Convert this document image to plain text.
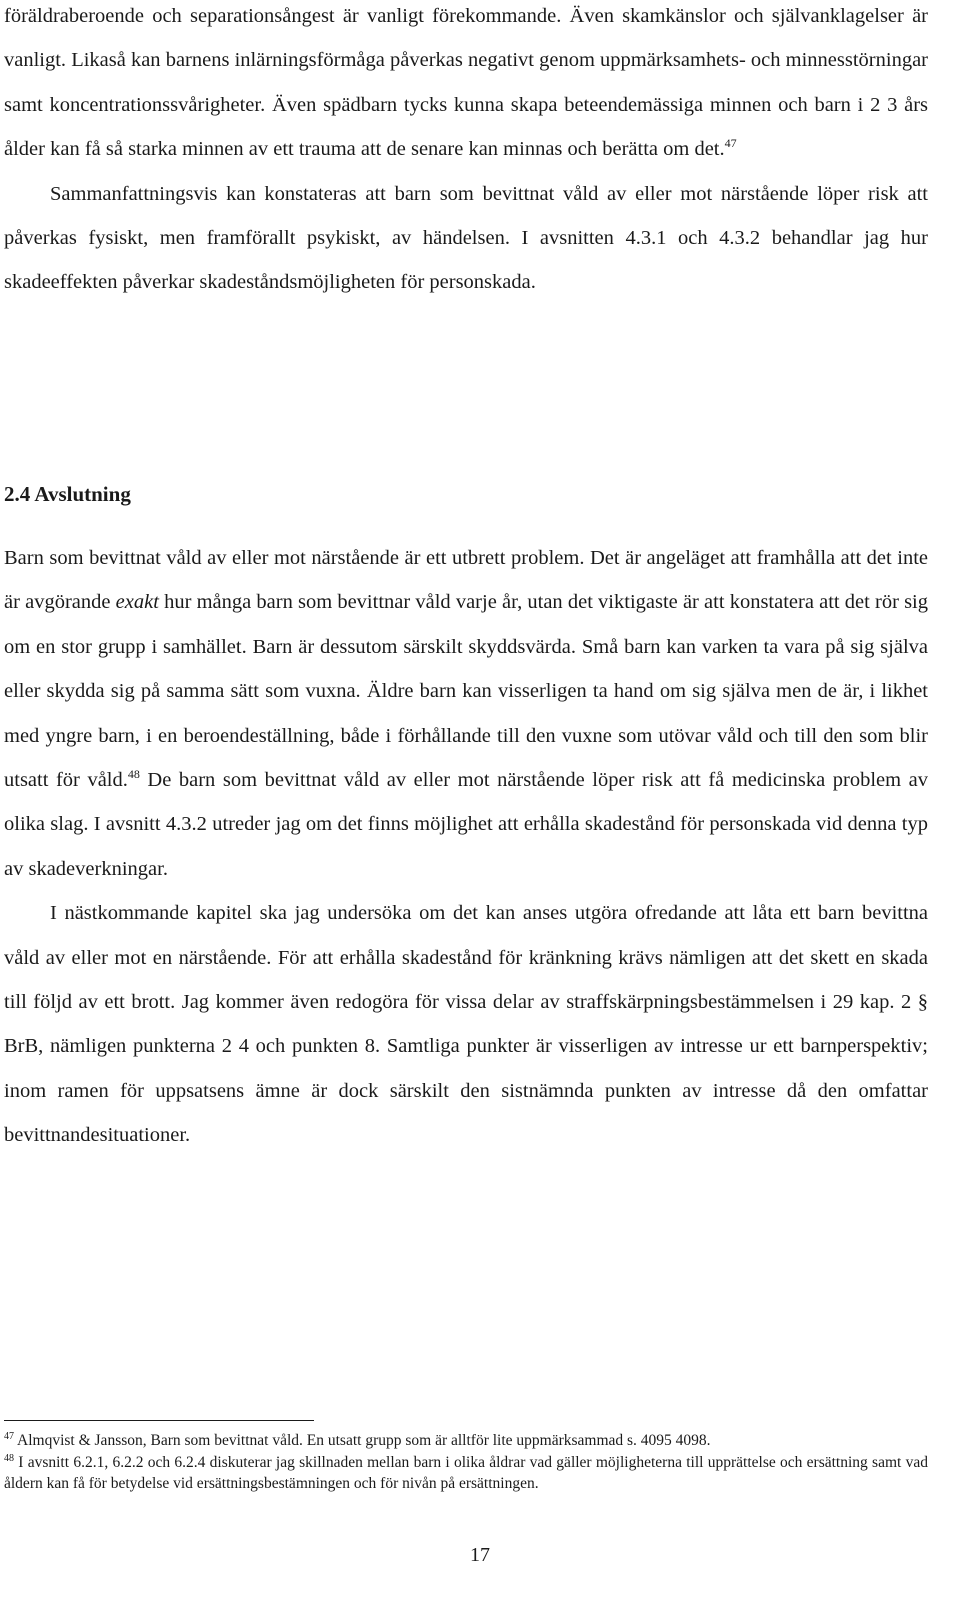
föräldraberoende och separationsångest är vanligt förekommande. Även skamkänslor och självanklagelser är vanligt. Likaså kan barnens inlärningsförmåga påverkas negativt genom uppmärksamhets- och minnesstörningar samt koncentrationssvårigheter. Även spädbarn tycks kunna skapa beteendemässiga minnen och barn i 2 3 års ålder kan få så starka minnen av ett trauma att de senare kan minnas och berätta om det.$^{47}$

Sammanfattningsvis kan konstateras att barn som bevittnat våld av eller mot närstående löper risk att påverkas fysiskt, men framförallt psykiskt, av händelsen. I avsnitten 4.3.1 och 4.3.2 behandlar jag hur skadeeffekten påverkar skadeståndsmöjligheten för personskada.

2.4 Avslutning

Barn som bevittnat våld av eller mot närstående är ett utbrett problem. Det är angeläget att framhålla att det inte är avgörande exakt hur många barn som bevittnar våld varje år, utan det viktigaste är att konstatera att det rör sig om en stor grupp i samhället. Barn är dessutom särskilt skyddsvärda. Små barn kan varken ta vara på sig själva eller skydda sig på samma sätt som vuxna. Äldre barn kan visserligen ta hand om sig själva men de är, i likhet med yngre barn, i en beroendeställning, både i förhållande till den vuxne som utövar våld och till den som blir utsatt för våld.$^{48}$ De barn som bevittnat våld av eller mot närstående löper risk att få medicinska problem av olika slag. I avsnitt 4.3.2 utreder jag om det finns möjlighet att erhålla skadestånd för personskada vid denna typ av skadeverkningar.

I nästkommande kapitel ska jag undersöka om det kan anses utgöra ofredande att låta ett barn bevittna våld av eller mot en närstående. För att erhålla skadestånd för kränkning krävs nämligen att det skett en skada till följd av ett brott. Jag kommer även redogöra för vissa delar av straffskärpningsbestämmelsen i 29 kap. 2 § BrB, nämligen punkterna 2 4 och punkten 8. Samtliga punkter är visserligen av intresse ur ett barnperspektiv; inom ramen för uppsatsens ämne är dock särskilt den sistnämnda punkten av intresse då den omfattar bevittnandesituationer.

$^{47}$ Almqvist & Jansson, Barn som bevittnat våld. En utsatt grupp som är alltför lite uppmärksammad s. 4095 4098.

$^{48}$ I avsnitt 6.2.1, 6.2.2 och 6.2.4 diskuterar jag skillnaden mellan barn i olika åldrar vad gäller möjligheterna till upprättelse och ersättning samt vad åldern kan få för betydelse vid ersättningsbestämningen och för nivån på ersättningen.

17
